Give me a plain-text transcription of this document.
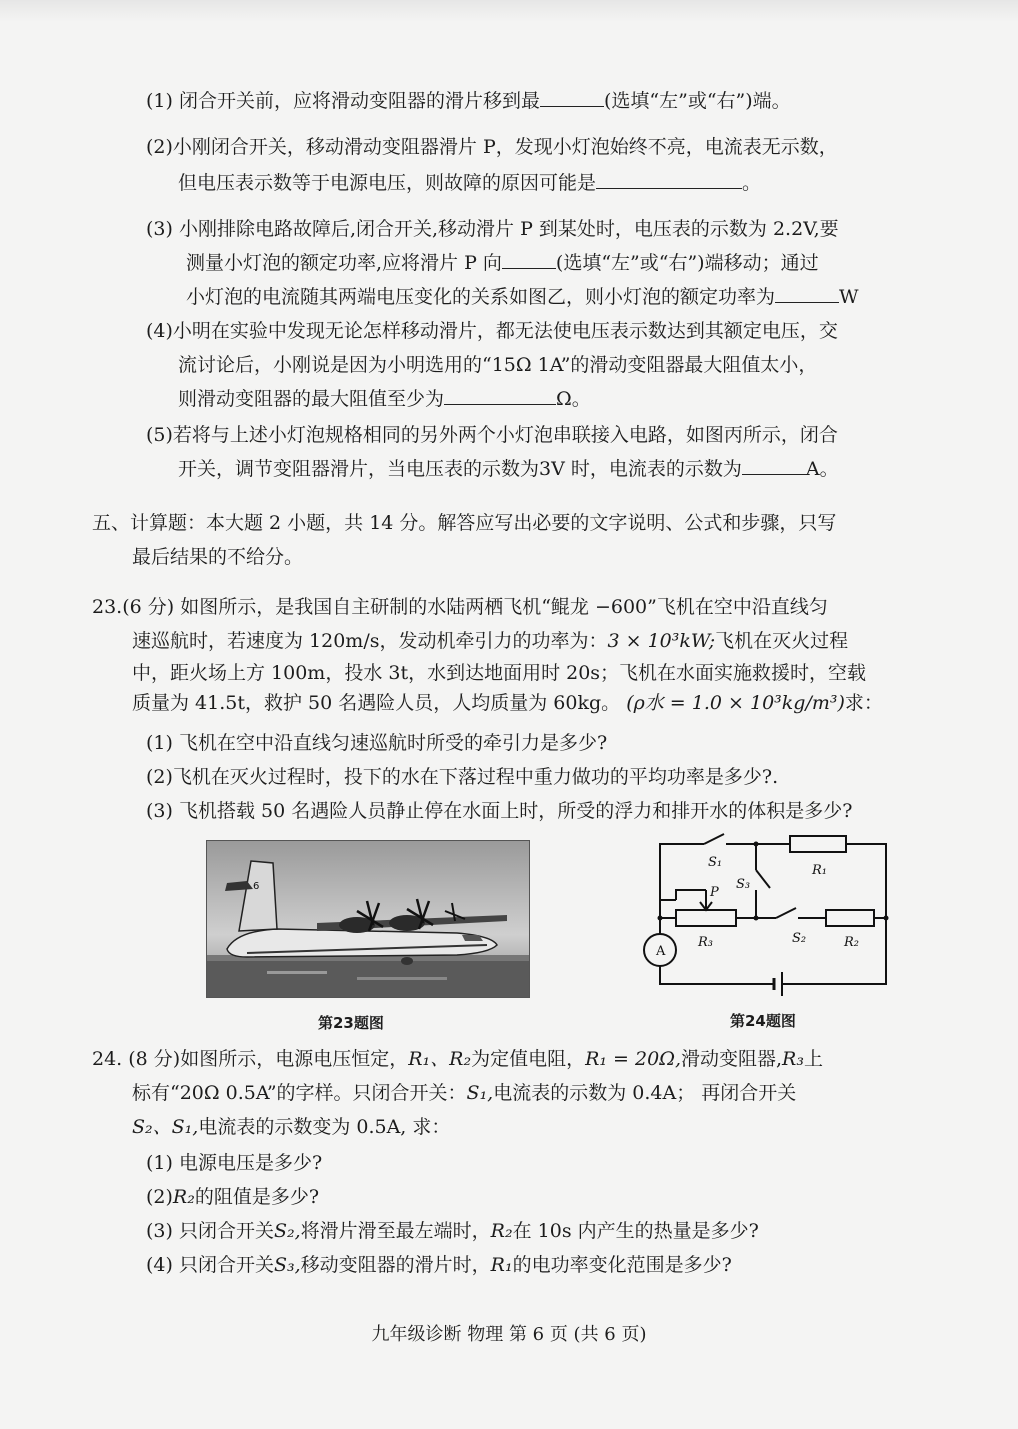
(1) 闭合开关前，应将滑动变阻器的滑片移到最	(选填“左”或“右”)端。
(2)小刚闭合开关，移动滑动变阻器滑片 P，发现小灯泡始终不亮，电流表无示数，
但电压表示数等于电源电压，则故障的原因可能是	。
(3) 小刚排除电路故障后,闭合开关,移动滑片 P 到某处时，电压表的示数为 2.2V,要
测量小灯泡的额定功率,应将滑片 P 向	(选填“左”或“右”)端移动；通过
小灯泡的电流随其两端电压变化的关系如图乙，则小灯泡的额定功率为	W
(4)小明在实验中发现无论怎样移动滑片，都无法使电压表示数达到其额定电压，交
流讨论后，小刚说是因为小明选用的“15Ω 1A”的滑动变阻器最大阻值太小，
则滑动变阻器的最大阻值至少为	Ω。
(5)若将与上述小灯泡规格相同的另外两个小灯泡串联接入电路，如图丙所示，闭合
开关，调节变阻器滑片，当电压表的示数为3V 时，电流表的示数为	A。
五、计算题：本大题 2 小题，共 14 分。解答应写出必要的文字说明、公式和步骤，只写
最后结果的不给分。
23.(6 分) 如图所示，是我国自主研制的水陆两栖飞机“鲲龙 −600”飞机在空中沿直线匀
速巡航时，若速度为 120m/s，发动机牵引力的功率为：3 × 10³kW;飞机在灭火过程
中，距火场上方 100m，投水 3t，水到达地面用时 20s；飞机在水面实施救援时，空载
质量为 41.5t，救护 50 名遇险人员，人均质量为 60kg。 (ρ水 = 1.0 × 10³kg/m³)求：
(1) 飞机在空中沿直线匀速巡航时所受的牵引力是多少?
(2)飞机在灭火过程时，投下的水在下落过程中重力做功的平均功率是多少?.
(3) 飞机搭载 50 名遇险人员静止停在水面上时，所受的浮力和排开水的体积是多少?
6
第23题图
A
S₁
S₃
R₁
P
R₃	S₂	R₂
第24题图
24. (8 分)如图所示，电源电压恒定，R₁、R₂为定值电阻，R₁ = 20Ω,滑动变阻器,R₃上
标有“20Ω 0.5A”的字样。只闭合开关：S₁,电流表的示数为 0.4A； 再闭合开关
S₂、S₁,电流表的示数变为 0.5A, 求：
(1) 电源电压是多少?
(2)R₂的阻值是多少?
(3) 只闭合开关S₂,将滑片滑至最左端时，R₂在 10s 内产生的热量是多少?
(4) 只闭合开关S₃,移动变阻器的滑片时，R₁的电功率变化范围是多少?
九年级诊断 物理 第 6 页 (共 6 页)
